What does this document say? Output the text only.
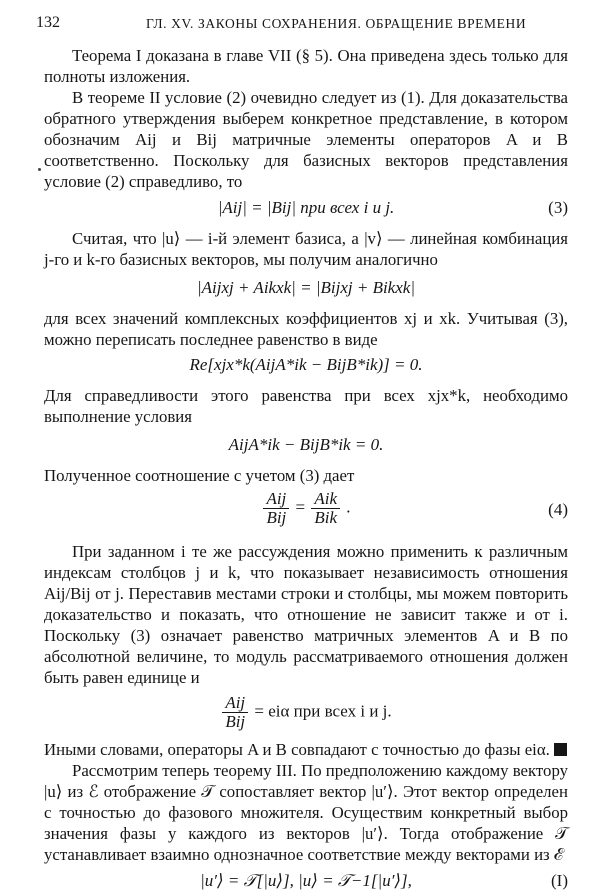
132	ГЛ. XV. ЗАКОНЫ СОХРАНЕНИЯ. ОБРАЩЕНИЕ ВРЕМЕНИ

Теорема I доказана в главе VII (§ 5). Она приведена здесь только для полноты изложения.

В теореме II условие (2) очевидно следует из (1). Для доказательства обратного утверждения выберем конкретное представление, в котором обозначим Aij и Bij матричные элементы операторов A и B соответственно. Поскольку для базисных векторов представления условие (2) справедливо, то

|Aij| = |Bij| при всех i и j.	(3)

Считая, что |u⟩ — i-й элемент базиса, а |v⟩ — линейная комбинация j-го и k-го базисных векторов, мы получим аналогично

|Aijxj + Aikxk| = |Bijxj + Bikxk|

для всех значений комплексных коэффициентов xj и xk. Учитывая (3), можно переписать последнее равенство в виде

Re[xjx*k(AijA*ik − BijB*ik)] = 0.

Для справедливости этого равенства при всех xjx*k, необходимо выполнение условия

AijA*ik − BijB*ik = 0.

Полученное соотношение с учетом (3) дает

$\frac{\text{Aij}}{\text{Bij}} = \frac{\text{Aik}}{\text{Bik}}$ .	(4)

При заданном i те же рассуждения можно применить к различным индексам столбцов j и k, что показывает независимость отношения Aij/Bij от j. Переставив местами строки и столбцы, мы можем повторить доказательство и показать, что отношение не зависит также и от i. Поскольку (3) означает равенство матричных элементов A и B по абсолютной величине, то модуль рассматриваемого отношения должен быть равен единице и

$\frac{\text{Aij}}{\text{Bij}} = ei\alpha$ при всех i и j.

Иными словами, операторы A и B совпадают с точностью до фазы eiα.

Рассмотрим теперь теорему III. По предположению каждому вектору |u⟩ из ℰ отображение 𝒯 сопоставляет вектор |u′⟩. Этот вектор определен с точностью до фазового множителя. Осуществим конкретный выбор значения фазы у каждого из векторов |u′⟩. Тогда отображение 𝒯 устанавливает взаимно однозначное соответствие между векторами из ℰ

|u′⟩ = 𝒯[|u⟩], |u⟩ = 𝒯−1[|u′⟩],	(I)
